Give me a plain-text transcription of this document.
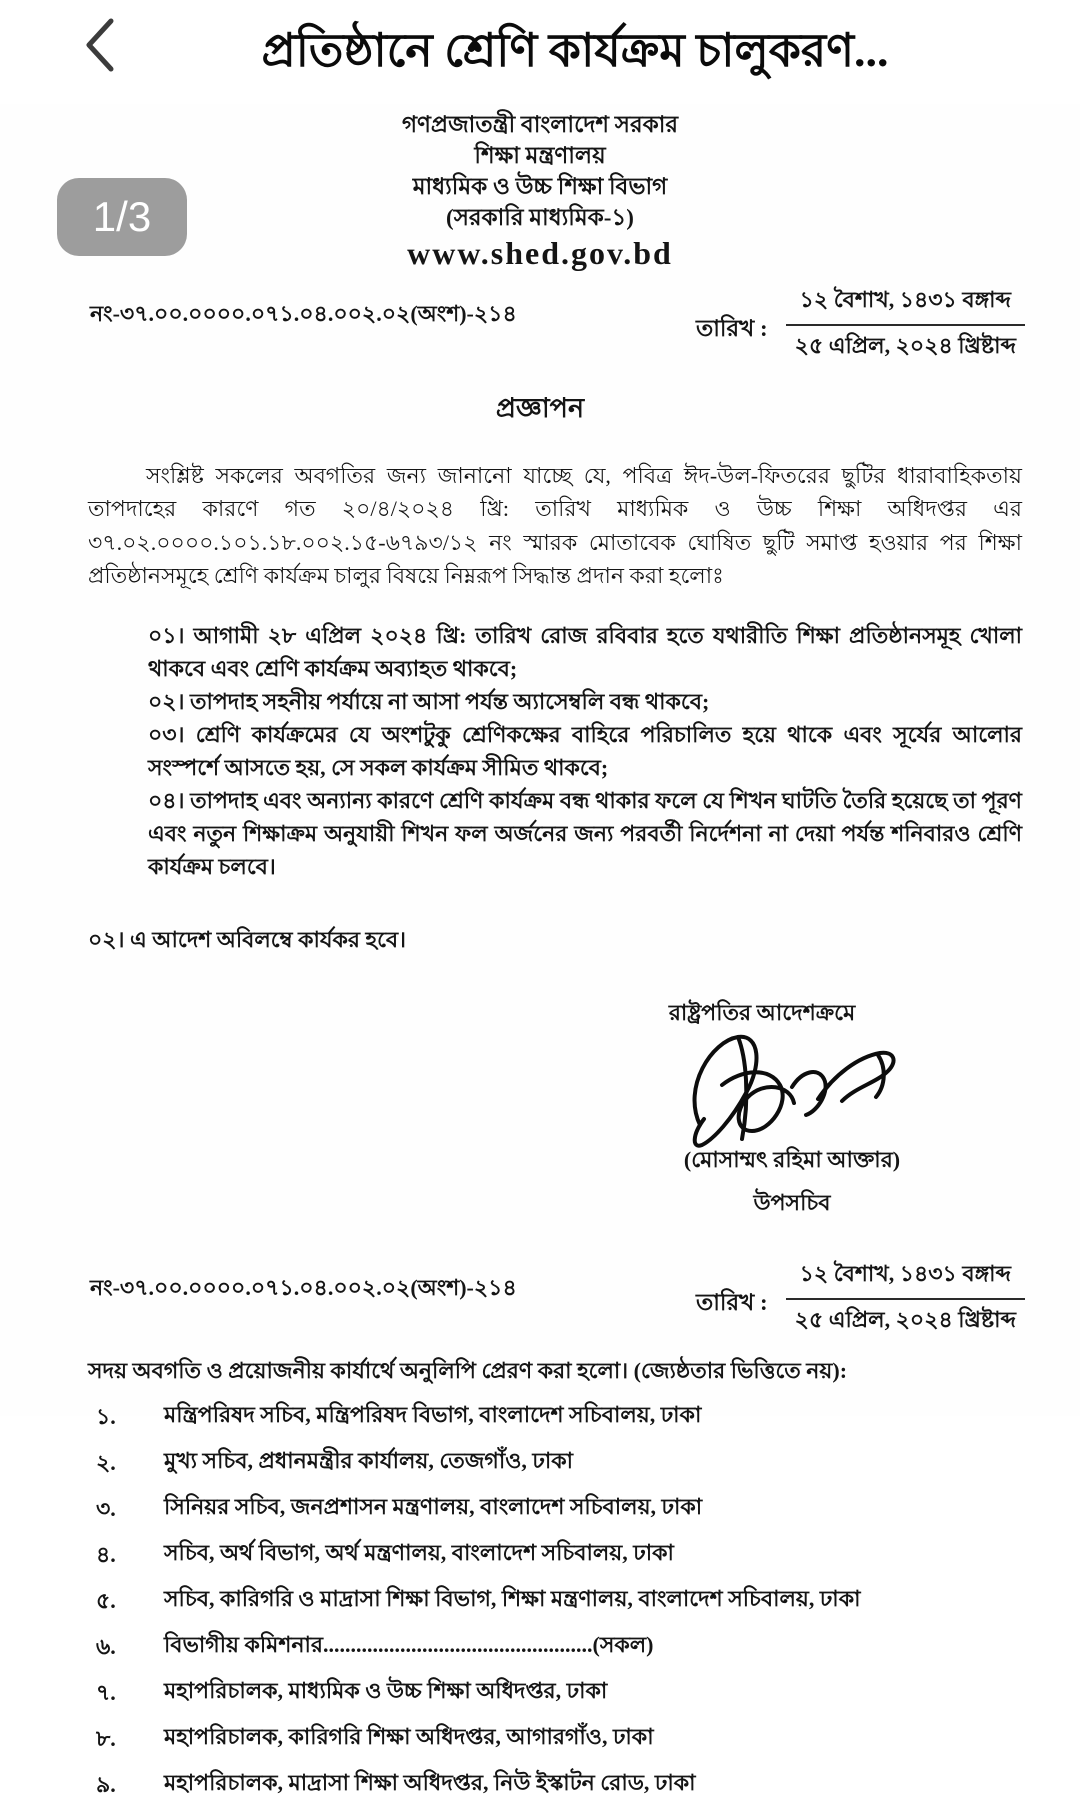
প্রতিষ্ঠানে শ্রেণি কার্যক্রম চালুকরণ...
1/3
গণপ্রজাতন্ত্রী বাংলাদেশ সরকার
শিক্ষা মন্ত্রণালয়
মাধ্যমিক ও উচ্চ শিক্ষা বিভাগ
(সরকারি মাধ্যমিক-১)
www.shed.gov.bd
নং-৩৭.০০.০০০০.০৭১.০৪.০০২.০২(অংশ)-২১৪
তারিখ :
১২ বৈশাখ, ১৪৩১ বঙ্গাব্দ
২৫ এপ্রিল, ২০২৪ খ্রিষ্টাব্দ
প্রজ্ঞাপন

সংশ্লিষ্ট সকলের অবগতির জন্য জানানো যাচ্ছে যে, পবিত্র ঈদ-উল-ফিতরের ছুটির ধারাবাহিকতায় তাপদাহের কারণে গত ২০/৪/২০২৪ খ্রি: তারিখ মাধ্যমিক ও উচ্চ শিক্ষা অধিদপ্তর এর ৩৭.০২.০০০০.১০১.১৮.০০২.১৫-৬৭৯৩/১২ নং স্মারক মোতাবেক ঘোষিত ছুটি সমাপ্ত হওয়ার পর শিক্ষা প্রতিষ্ঠানসমূহে শ্রেণি কার্যক্রম চালুর বিষয়ে নিম্নরূপ সিদ্ধান্ত প্রদান করা হলোঃ

০১। আগামী ২৮ এপ্রিল ২০২৪ খ্রি: তারিখ রোজ রবিবার হতে যথারীতি শিক্ষা প্রতিষ্ঠানসমূহ খোলা থাকবে এবং শ্রেণি কার্যক্রম অব্যাহত থাকবে;

০২। তাপদাহ সহনীয় পর্যায়ে না আসা পর্যন্ত অ্যাসেম্বলি বন্ধ থাকবে;

০৩। শ্রেণি কার্যক্রমের যে অংশটুকু শ্রেণিকক্ষের বাহিরে পরিচালিত হয়ে থাকে এবং সূর্যের আলোর সংস্পর্শে আসতে হয়, সে সকল কার্যক্রম সীমিত থাকবে;

০৪। তাপদাহ এবং অন্যান্য কারণে শ্রেণি কার্যক্রম বন্ধ থাকার ফলে যে শিখন ঘাটতি তৈরি হয়েছে তা পূরণ এবং নতুন শিক্ষাক্রম অনুযায়ী শিখন ফল অর্জনের জন্য পরবর্তী নির্দেশনা না দেয়া পর্যন্ত শনিবারও শ্রেণি কার্যক্রম চলবে।

০২। এ আদেশ অবিলম্বে কার্যকর হবে।

রাষ্ট্রপতির আদেশক্রমে
(মোসাম্মৎ রহিমা আক্তার)
উপসচিব
নং-৩৭.০০.০০০০.০৭১.০৪.০০২.০২(অংশ)-২১৪
তারিখ :
১২ বৈশাখ, ১৪৩১ বঙ্গাব্দ
২৫ এপ্রিল, ২০২৪ খ্রিষ্টাব্দ

সদয় অবগতি ও প্রয়োজনীয় কার্যার্থে অনুলিপি প্রেরণ করা হলো। (জ্যেষ্ঠতার ভিত্তিতে নয়):

১.	মন্ত্রিপরিষদ সচিব, মন্ত্রিপরিষদ বিভাগ, বাংলাদেশ সচিবালয়, ঢাকা
২.	মুখ্য সচিব, প্রধানমন্ত্রীর কার্যালয়, তেজগাঁও, ঢাকা
৩.	সিনিয়র সচিব, জনপ্রশাসন মন্ত্রণালয়, বাংলাদেশ সচিবালয়, ঢাকা
৪.	সচিব, অর্থ বিভাগ, অর্থ মন্ত্রণালয়, বাংলাদেশ সচিবালয়, ঢাকা
৫.	সচিব, কারিগরি ও মাদ্রাসা শিক্ষা বিভাগ, শিক্ষা মন্ত্রণালয়, বাংলাদেশ সচিবালয়, ঢাকা
৬.	বিভাগীয় কমিশনার.................................................(সকল)
৭.	মহাপরিচালক, মাধ্যমিক ও উচ্চ শিক্ষা অধিদপ্তর, ঢাকা
৮.	মহাপরিচালক, কারিগরি শিক্ষা অধিদপ্তর, আগারগাঁও, ঢাকা
৯.	মহাপরিচালক, মাদ্রাসা শিক্ষা অধিদপ্তর, নিউ ইস্কাটন রোড, ঢাকা
